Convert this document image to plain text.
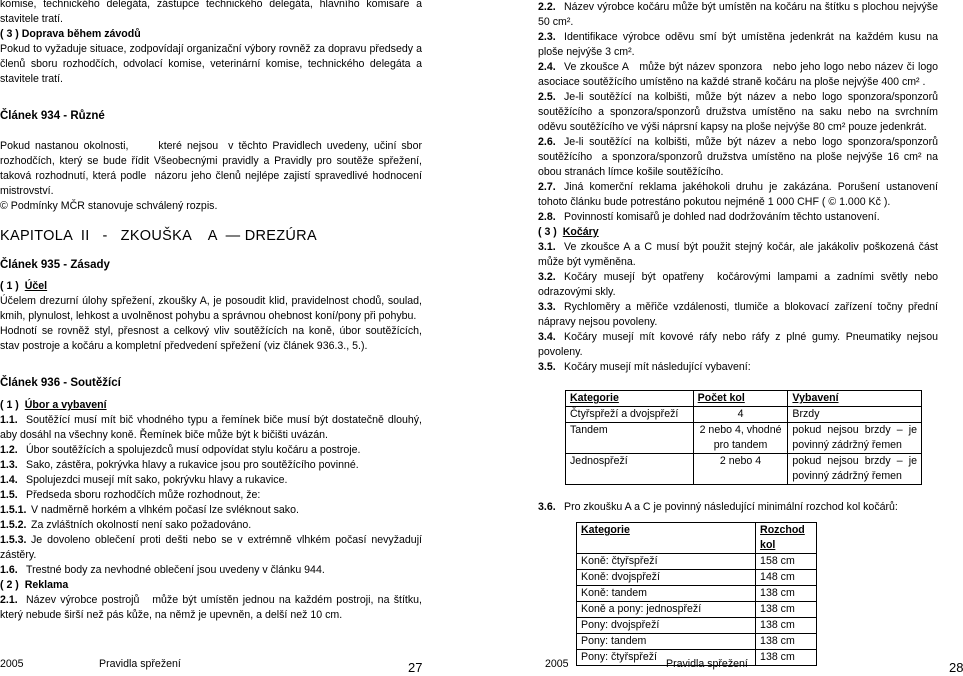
komise, technického delegáta, zástupce technického delegáta, hlavního komisaře a stavitele tratí.

( 3 ) Doprava během závodů

Pokud to vyžaduje situace, zodpovídají organizační výbory rovněž za dopravu předsedy a členů sboru rozhodčích, odvolací komise, veterinární komise, technického delegáta a stavitele tratí.

Článek 934 - Různé

Pokud nastanou okolnosti,      které nejsou  v těchto Pravidlech uvedeny, učiní sbor rozhodčích, který se bude řídit Všeobecnými pravidly a Pravidly pro soutěže spřežení, taková rozhodnutí, která podle  názoru jeho členů nejlépe zajistí spravedlivé hodnocení mistrovství.

© Podmínky MČR stanovuje schválený rozpis.

KAPITOLA  II   -   ZKOUŠKA    A  — DREZÚRA

Článek 935 - Zásady

( 1 ) Účel

Účelem drezurní úlohy spřežení, zkoušky A, je posoudit klid, pravidelnost chodů, soulad, kmih, plynulost, lehkost a uvolněnost pohybu a správnou ohebnost koní/pony při pohybu.

Hodnotí se rovněž styl, přesnost a celkový vliv soutěžících na koně, úbor soutěžících, stav postroje a kočáru a kompletní předvedení spřežení (viz článek 936.3., 5.).

Článek 936 - Soutěžící

( 1 ) Úbor a vybavení

1.1. Soutěžící musí mít bič vhodného typu a řemínek biče musí být dostatečně dlouhý, aby dosáhl na všechny koně. Řemínek biče může být k bičišti uvázán.

1.2. Úbor soutěžících a spolujezdců musí odpovídat stylu kočáru a postroje.

1.3. Sako, zástěra, pokrývka hlavy a rukavice jsou pro soutěžícího povinné.

1.4. Spolujezdci musejí mít sako, pokrývku hlavy a rukavice.

1.5. Předseda sboru rozhodčích může rozhodnout, že:

1.5.1. V nadměrně horkém a vlhkém počasí lze svléknout sako.

1.5.2. Za zvláštních okolností není sako požadováno.

1.5.3. Je dovoleno oblečení proti dešti nebo se v extrémně vlhkém počasí nevyžadují zástěry.

1.6. Trestné body za nevhodné oblečení jsou uvedeny v článku 944.

( 2 ) Reklama

2.1. Název výrobce postrojů   může být umístěn jednou na každém postroji, na štítku, který nebude širší než pás kůže, na němž je upevněn, a delší než 10 cm.

2005	Pravidla spřežení	27

2.2. Název výrobce kočáru může být umístěn na kočáru na štítku s plochou nejvýše 50 cm².

2.3. Identifikace výrobce oděvu smí být umístěna jedenkrát na každém kusu na ploše nejvýše 3 cm².

2.4. Ve zkoušce A   může být název sponzora   nebo jeho logo nebo název či logo asociace soutěžícího umístěno na každé straně kočáru na ploše nejvýše 400 cm² .

2.5. Je-li soutěžící na kolbišti, může být název a nebo logo sponzora/sponzorů soutěžícího a sponzora/sponzorů družstva umístěno na saku nebo na svrchním oděvu soutěžícího ve výši náprsní kapsy na ploše nejvýše 80 cm² pouze jedenkrát.

2.6. Je-li soutěžící na kolbišti, může být název a nebo logo sponzora/sponzorů soutěžícího  a sponzora/sponzorů družstva umístěno na ploše nejvýše 16 cm² na obou stranách límce košile soutěžícího.

2.7. Jiná komerční reklama jakéhokoli druhu je zakázána. Porušení ustanovení tohoto článku bude potrestáno pokutou nejméně 1 000 CHF ( © 1.000 Kč ).

2.8. Povinností komisařů je dohled nad dodržováním těchto ustanovení.

( 3 ) Kočáry

3.1. Ve zkoušce A a C musí být použit stejný kočár, ale jakákoliv poškozená část může být vyměněna.

3.2. Kočáry musejí být opatřeny  kočárovými lampami a zadními světly nebo odrazovými skly.

3.3. Rychloměry a měřiče vzdálenosti, tlumiče a blokovací zařízení točny přední nápravy nejsou povoleny.

3.4. Kočáry musejí mít kovové ráfy nebo ráfy z plné gumy. Pneumatiky nejsou povoleny.

3.5. Kočáry musejí mít následující vybavení:

Kategorie	Počet kol	Vybavení
Čtyřspřeží a dvojspřeží	4	Brzdy
Tandem	2 nebo 4, vhodné pro tandem	pokud nejsou brzdy – je povinný zádržný řemen
Jednospřeží	2 nebo 4	pokud nejsou brzdy – je povinný zádržný řemen

3.6. Pro zkoušku A a C je povinný následující minimální rozchod kol kočárů:

Kategorie	Rozchod kol
Koně: čtyřspřeží	158 cm
Koně: dvojspřeží	148 cm
Koně: tandem	138 cm
Koně a pony: jednospřeží	138 cm
Pony: dvojspřeží	138 cm
Pony: tandem	138 cm
Pony: čtyřspřeží	138 cm
2005	Pravidla spřežení	28
